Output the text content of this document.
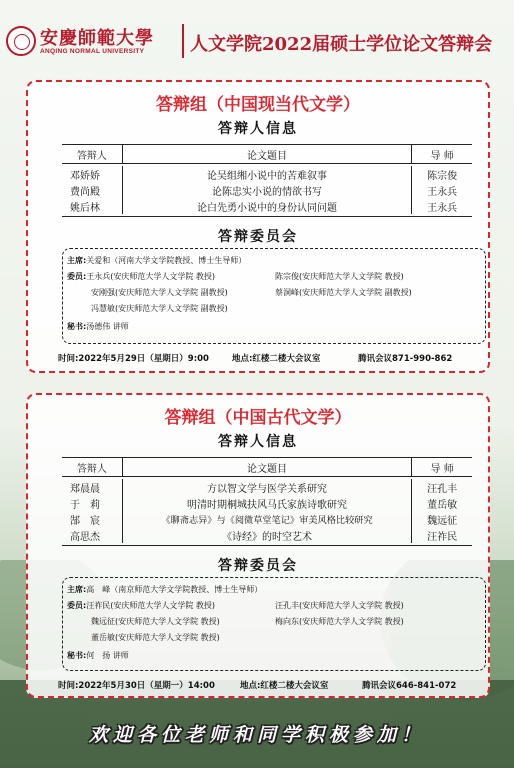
安慶師範大學
ANQING NORMAL UNIVERSITY	人文学院2022届硕士学位论文答辩会
答辩组（中国现当代文学）
答辩人信息
答辩人	论文题目	导 师
邓娇娇	论吴组缃小说中的苦难叙事	陈宗俊
费尚殿	论陈忠实小说的情欲书写	王永兵
姚后林	论白先勇小说中的身份认同问题	王永兵
答辩委员会
主席:关爱和（河南大学文学院教授、博士生导师）
委员:王永兵(安庆师范大学人文学院 教授)	陈宗俊(安庆师范大学人文学院 教授)
安刚强(安庆师范大学人文学院 副教授)	蔡洞峰(安庆师范大学人文学院 副教授)
冯慧敏(安庆师范大学人文学院 副教授)
秘书:汤德伟 讲师
时间:2022年5月29日（星期日）9:00	地点:红楼二楼大会议室	腾讯会议871-990-862
答辩组（中国古代文学）
答辩人信息
答辩人	论文题目	导 师
郑晨晨	方以智文学与医学关系研究	汪孔丰
于　莉	明清时期桐城扶风马氏家族诗歌研究	董岳敏
郜　宸	《聊斋志异》与《阅微草堂笔记》审美风格比较研究	魏远征
高思杰	《诗经》的时空艺术	汪祚民
答辩委员会
主席:高　峰（南京师范大学文学院教授、博士生导师）
委员:汪祚民(安庆师范大学人文学院 教授)	汪孔丰(安庆师范大学人文学院 教授)
魏远征(安庆师范大学人文学院 教授)	梅向东(安庆师范大学人文学院 教授)
董岳敏(安庆师范大学人文学院 教授)
秘书:何　扬 讲师
时间:2022年5月30日（星期一）14:00	地点:红楼二楼大会议室	腾讯会议646-841-072
欢迎各位老师和同学积极参加！
